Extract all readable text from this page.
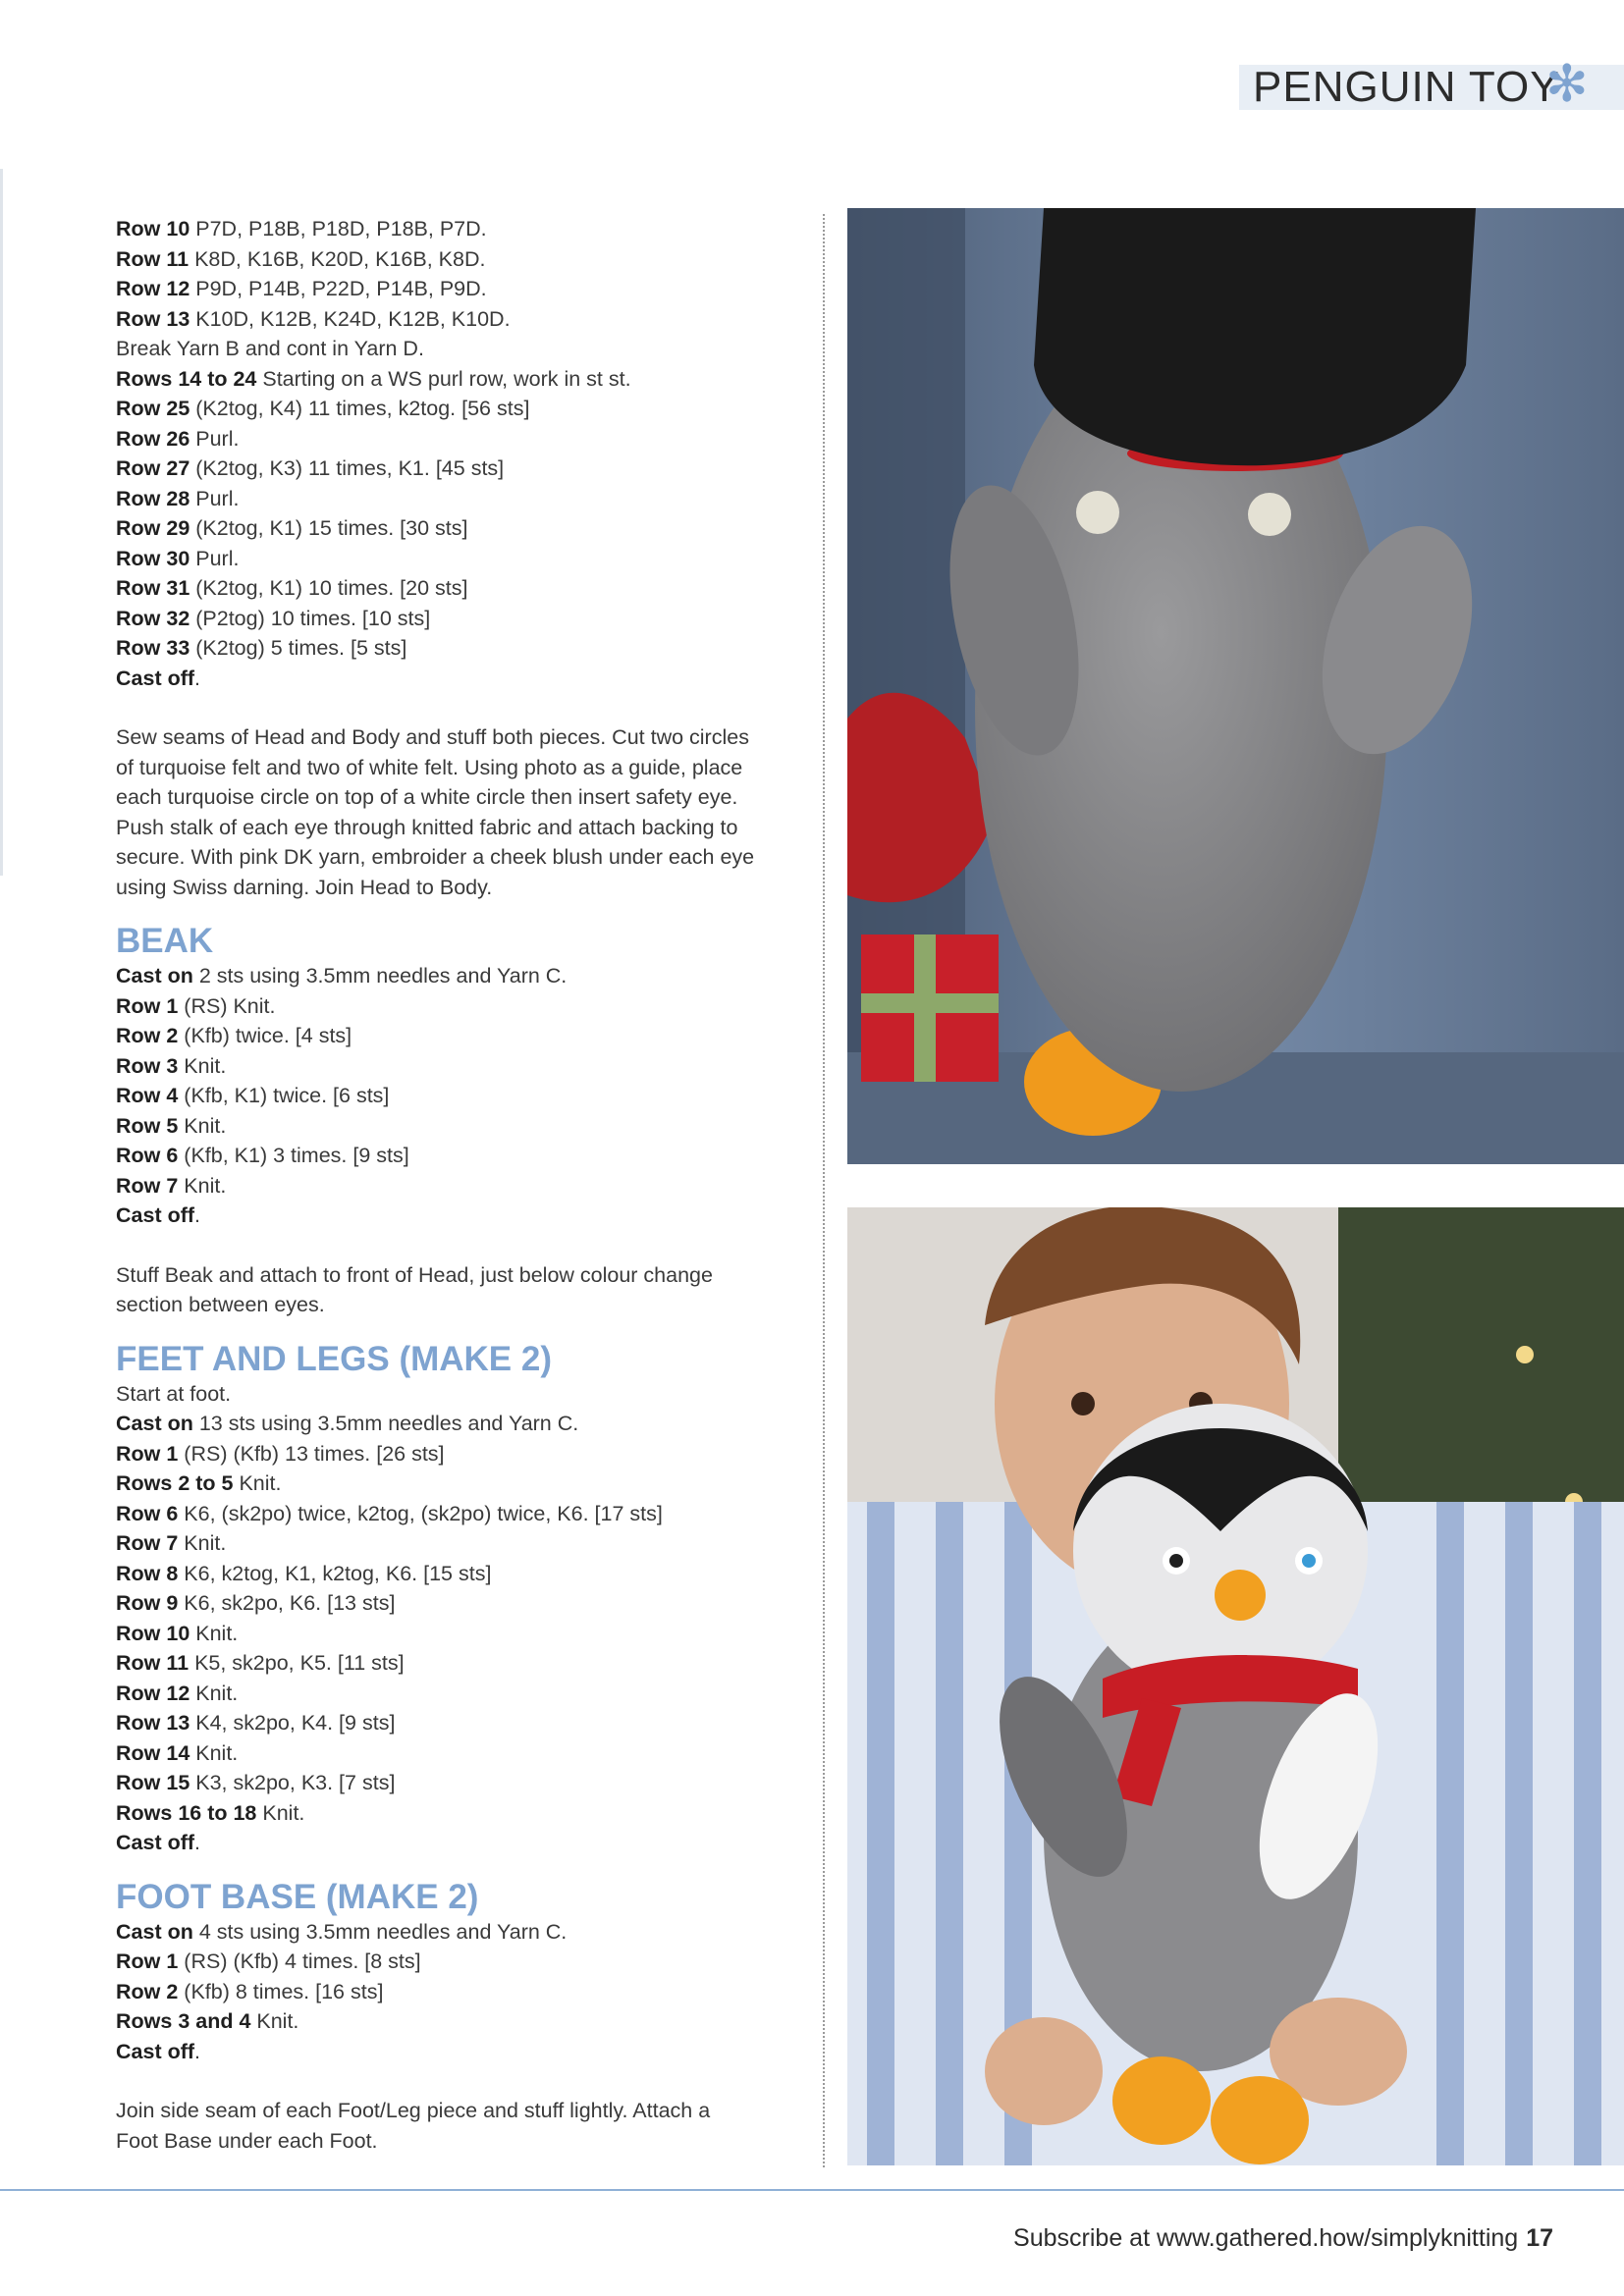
PENGUIN TOY
✻
Row 10 P7D, P18B, P18D, P18B, P7D.
Row 11 K8D, K16B, K20D, K16B, K8D.
Row 12 P9D, P14B, P22D, P14B, P9D.
Row 13 K10D, K12B, K24D, K12B, K10D.
Break Yarn B and cont in Yarn D.
Rows 14 to 24 Starting on a WS purl row, work in st st.
Row 25 (K2tog, K4) 11 times, k2tog. [56 sts]
Row 26 Purl.
Row 27 (K2tog, K3) 11 times, K1. [45 sts]
Row 28 Purl.
Row 29 (K2tog, K1) 15 times. [30 sts]
Row 30 Purl.
Row 31 (K2tog, K1) 10 times. [20 sts]
Row 32 (P2tog) 10 times. [10 sts]
Row 33 (K2tog) 5 times. [5 sts]
Cast off.
Sew seams of Head and Body and stuff both pieces. Cut two circles
of turquoise felt and two of white felt. Using photo as a guide, place
each turquoise circle on top of a white circle then insert safety eye.
Push stalk of each eye through knitted fabric and attach backing to
secure. With pink DK yarn, embroider a cheek blush under each eye
using Swiss darning. Join Head to Body.
BEAK
Cast on 2 sts using 3.5mm needles and Yarn C.
Row 1 (RS) Knit.
Row 2 (Kfb) twice. [4 sts]
Row 3 Knit.
Row 4 (Kfb, K1) twice. [6 sts]
Row 5 Knit.
Row 6 (Kfb, K1) 3 times. [9 sts]
Row 7 Knit.
Cast off.
Stuff Beak and attach to front of Head, just below colour change
section between eyes.
FEET AND LEGS (MAKE 2)
Start at foot.
Cast on 13 sts using 3.5mm needles and Yarn C.
Row 1 (RS) (Kfb) 13 times. [26 sts]
Rows 2 to 5 Knit.
Row 6 K6, (sk2po) twice, k2tog, (sk2po) twice, K6. [17 sts]
Row 7 Knit.
Row 8 K6, k2tog, K1, k2tog, K6. [15 sts]
Row 9 K6, sk2po, K6. [13 sts]
Row 10 Knit.
Row 11 K5, sk2po, K5. [11 sts]
Row 12 Knit.
Row 13 K4, sk2po, K4. [9 sts]
Row 14 Knit.
Row 15 K3, sk2po, K3. [7 sts]
Rows 16 to 18 Knit.
Cast off.
FOOT BASE (MAKE 2)
Cast on 4 sts using 3.5mm needles and Yarn C.
Row 1 (RS) (Kfb) 4 times. [8 sts]
Row 2 (Kfb) 8 times. [16 sts]
Rows 3 and 4 Knit.
Cast off.
Join side seam of each Foot/Leg piece and stuff lightly. Attach a
Foot Base under each Foot.
Subscribe at www.gathered.how/simplyknitting 17
